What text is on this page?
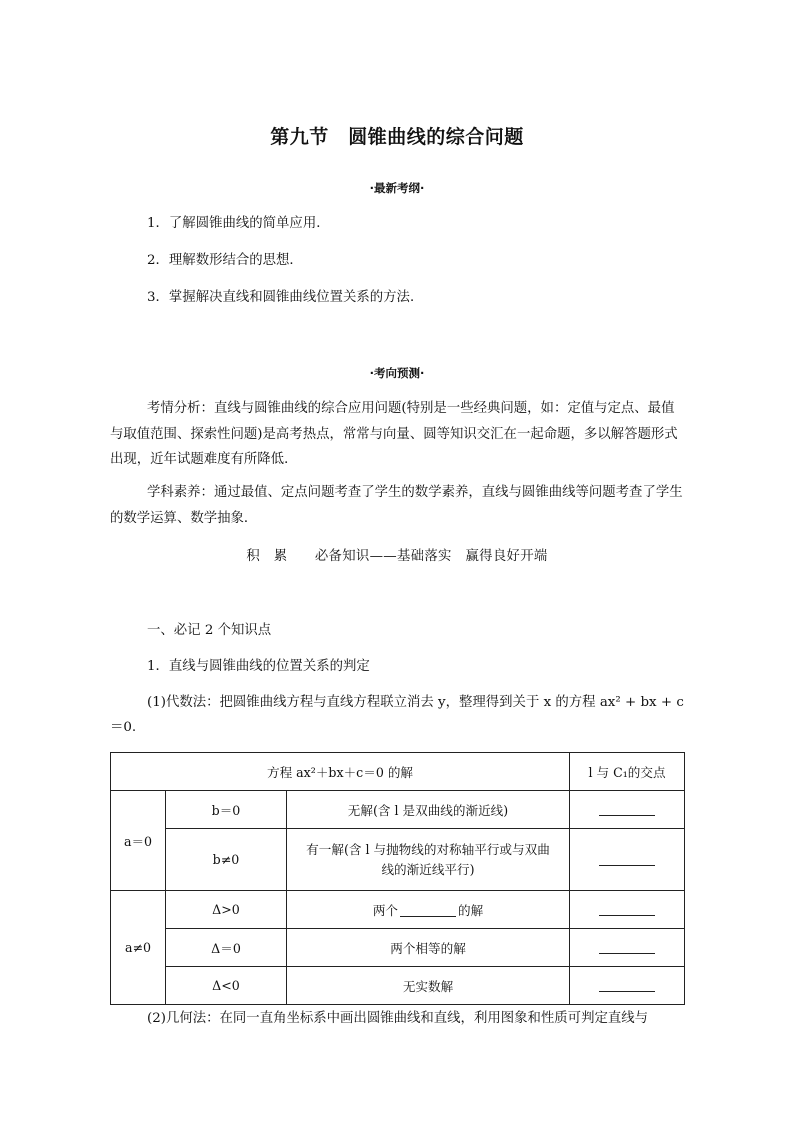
第九节　圆锥曲线的综合问题
·最新考纲·
1．了解圆锥曲线的简单应用．
2．理解数形结合的思想．
3．掌握解决直线和圆锥曲线位置关系的方法．
·考向预测·
考情分析：直线与圆锥曲线的综合应用问题(特别是一些经典问题，如：定值与定点、最值与取值范围、探索性问题)是高考热点，常常与向量、圆等知识交汇在一起命题，多以解答题形式出现，近年试题难度有所降低．
学科素养：通过最值、定点问题考查了学生的数学素养，直线与圆锥曲线等问题考查了学生的数学运算、数学抽象．
积　累　　必备知识——基础落实　赢得良好开端
一、必记 2 个知识点
1．直线与圆锥曲线的位置关系的判定
(1)代数法：把圆锥曲线方程与直线方程联立消去 y，整理得到关于 x 的方程 ax² + bx + c
＝0.
方程 ax²＋bx＋c＝0 的解			l 与 C₁的交点
a＝0	b＝0	无解(含 l 是双曲线的渐近线)	
	b≠0	有一解(含 l 与抛物线的对称轴平行或与双曲
线的渐近线平行)	
a≠0	Δ>0	两个 的解	
	Δ＝0	两个相等的解	
	Δ<0	无实数解	
(2)几何法：在同一直角坐标系中画出圆锥曲线和直线，利用图象和性质可判定直线与
